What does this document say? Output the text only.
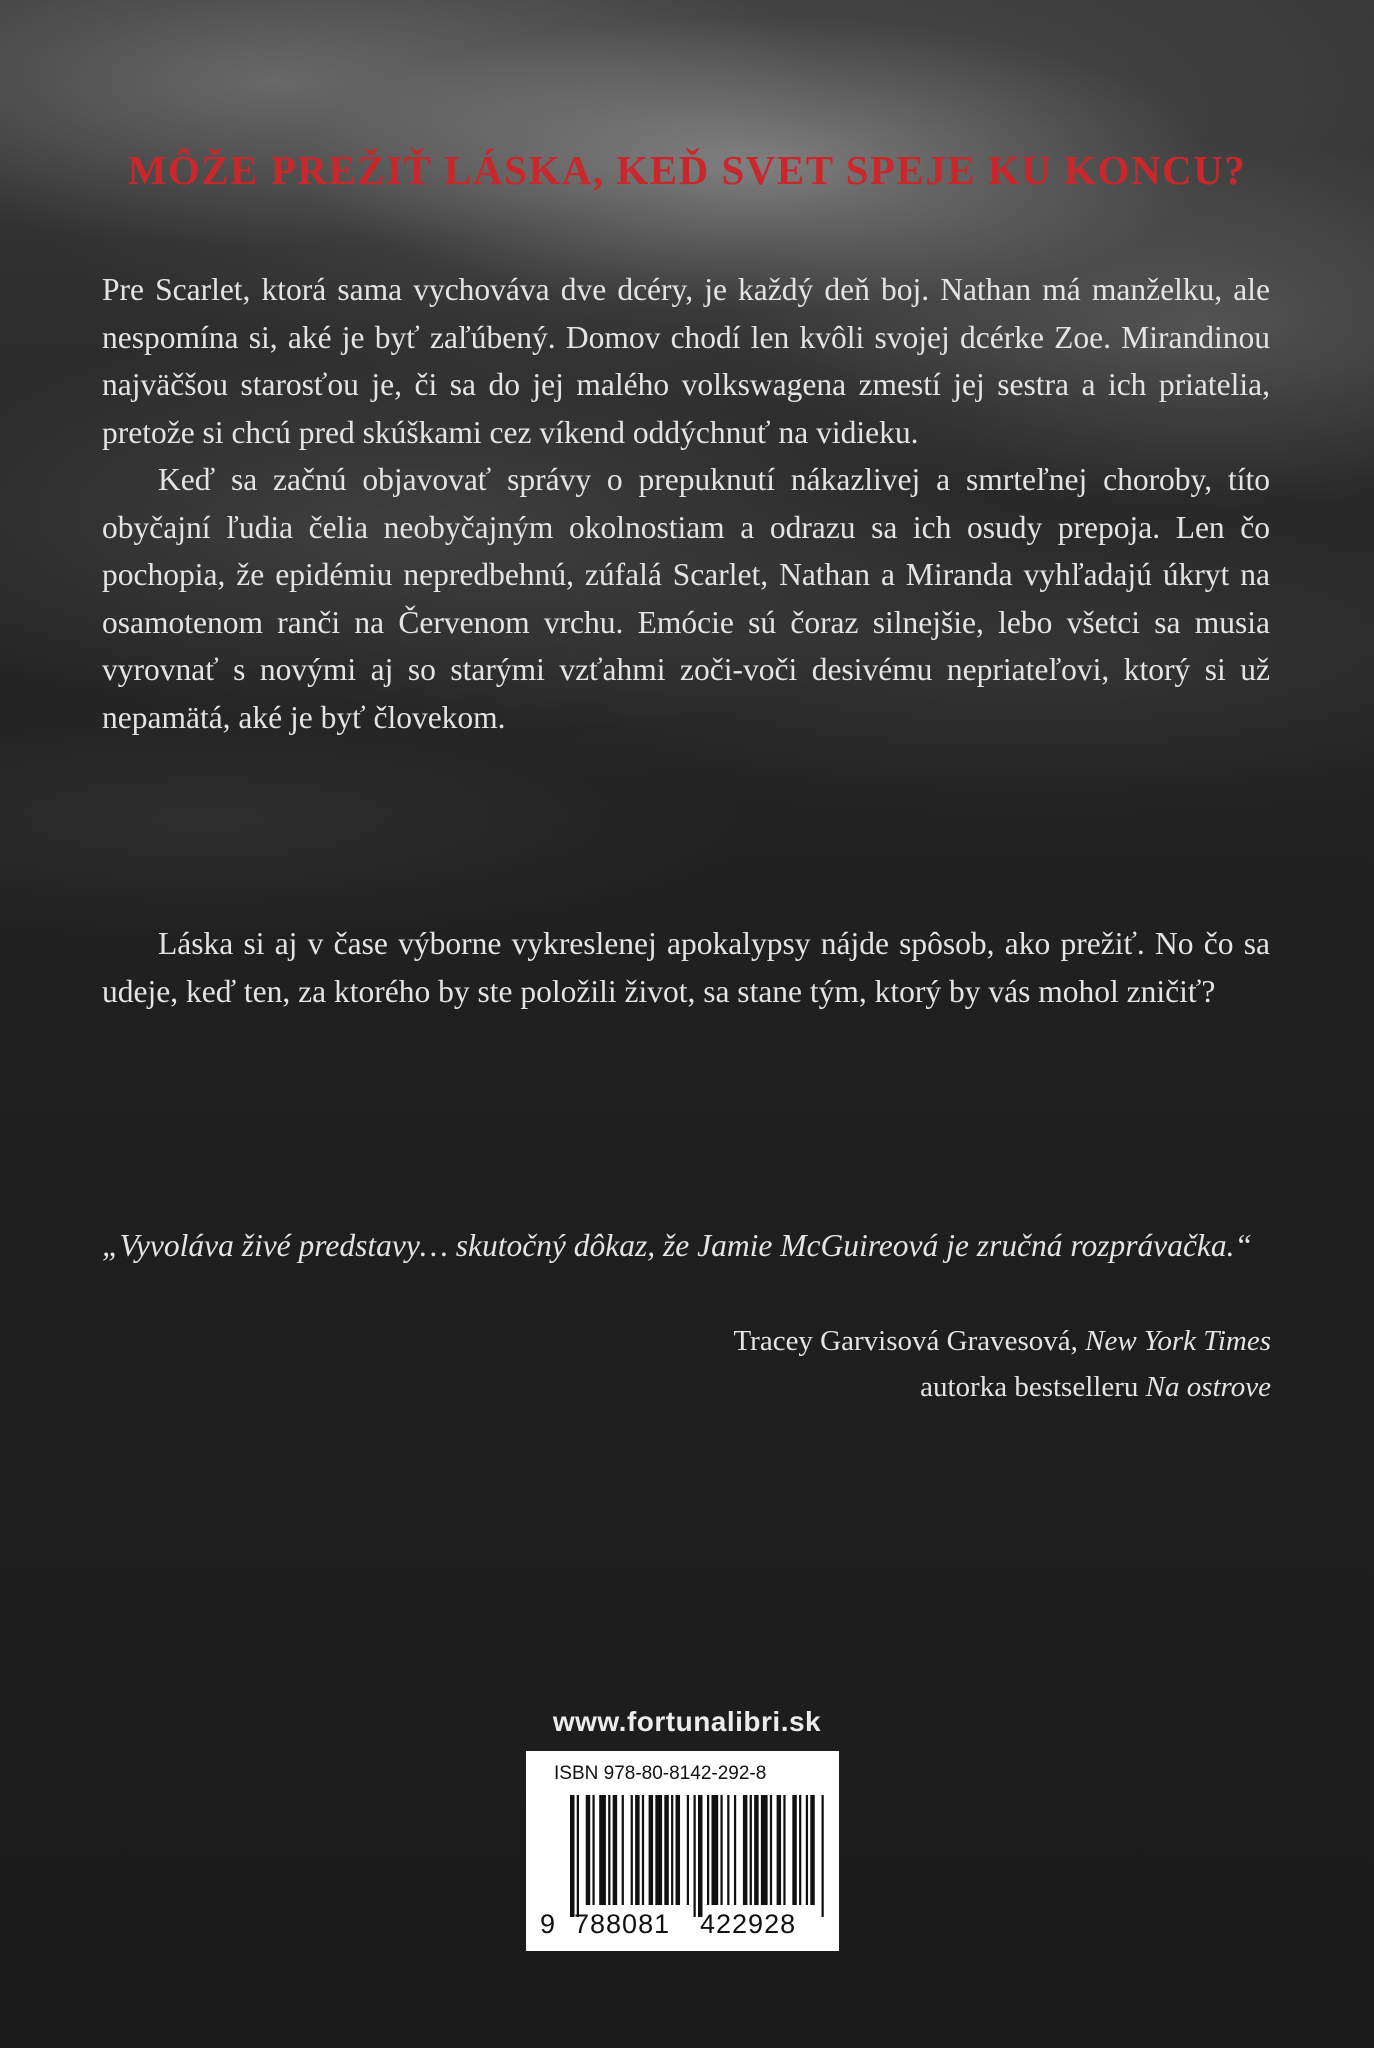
MÔŽE PREŽIŤ LÁSKA, KEĎ SVET SPEJE KU KONCU?

Pre Scarlet, ktorá sama vychováva dve dcéry, je každý deň boj. Nathan má manželku, ale nespomína si, aké je byť zaľúbený. Domov chodí len kvôli svojej dcérke Zoe. Mirandinou najväčšou starosťou je, či sa do jej malého volkswagena zmestí jej sestra a ich priatelia, pretože si chcú pred skúškami cez víkend oddýchnuť na vidieku.

Keď sa začnú objavovať správy o prepuknutí nákazlivej a smrteľnej choroby, títo obyčajní ľudia čelia neobyčajným okolnostiam a odrazu sa ich osudy prepoja. Len čo pochopia, že epidémiu nepredbehnú, zúfalá Scarlet, Nathan a Miranda vyhľadajú úkryt na osamotenom ranči na Červenom vrchu. Emócie sú čoraz silnejšie, lebo všetci sa musia vyrovnať s novými aj so starými vzťahmi zoči-voči desivému nepriateľovi, ktorý si už nepamätá, aké je byť človekom.

Láska si aj v čase výborne vykreslenej apokalypsy nájde spôsob, ako prežiť. No čo sa udeje, keď ten, za ktorého by ste položili život, sa stane tým, ktorý by vás mohol zničiť?

„Vyvoláva živé predstavy… skutočný dôkaz, že Jamie McGuireová je zručná rozprávačka.“
Tracey Garvisová Gravesová, New York Times
autorka bestselleru Na ostrove
www.fortunalibri.sk
ISBN 978-80-8142-292-8
9 788081 422928
